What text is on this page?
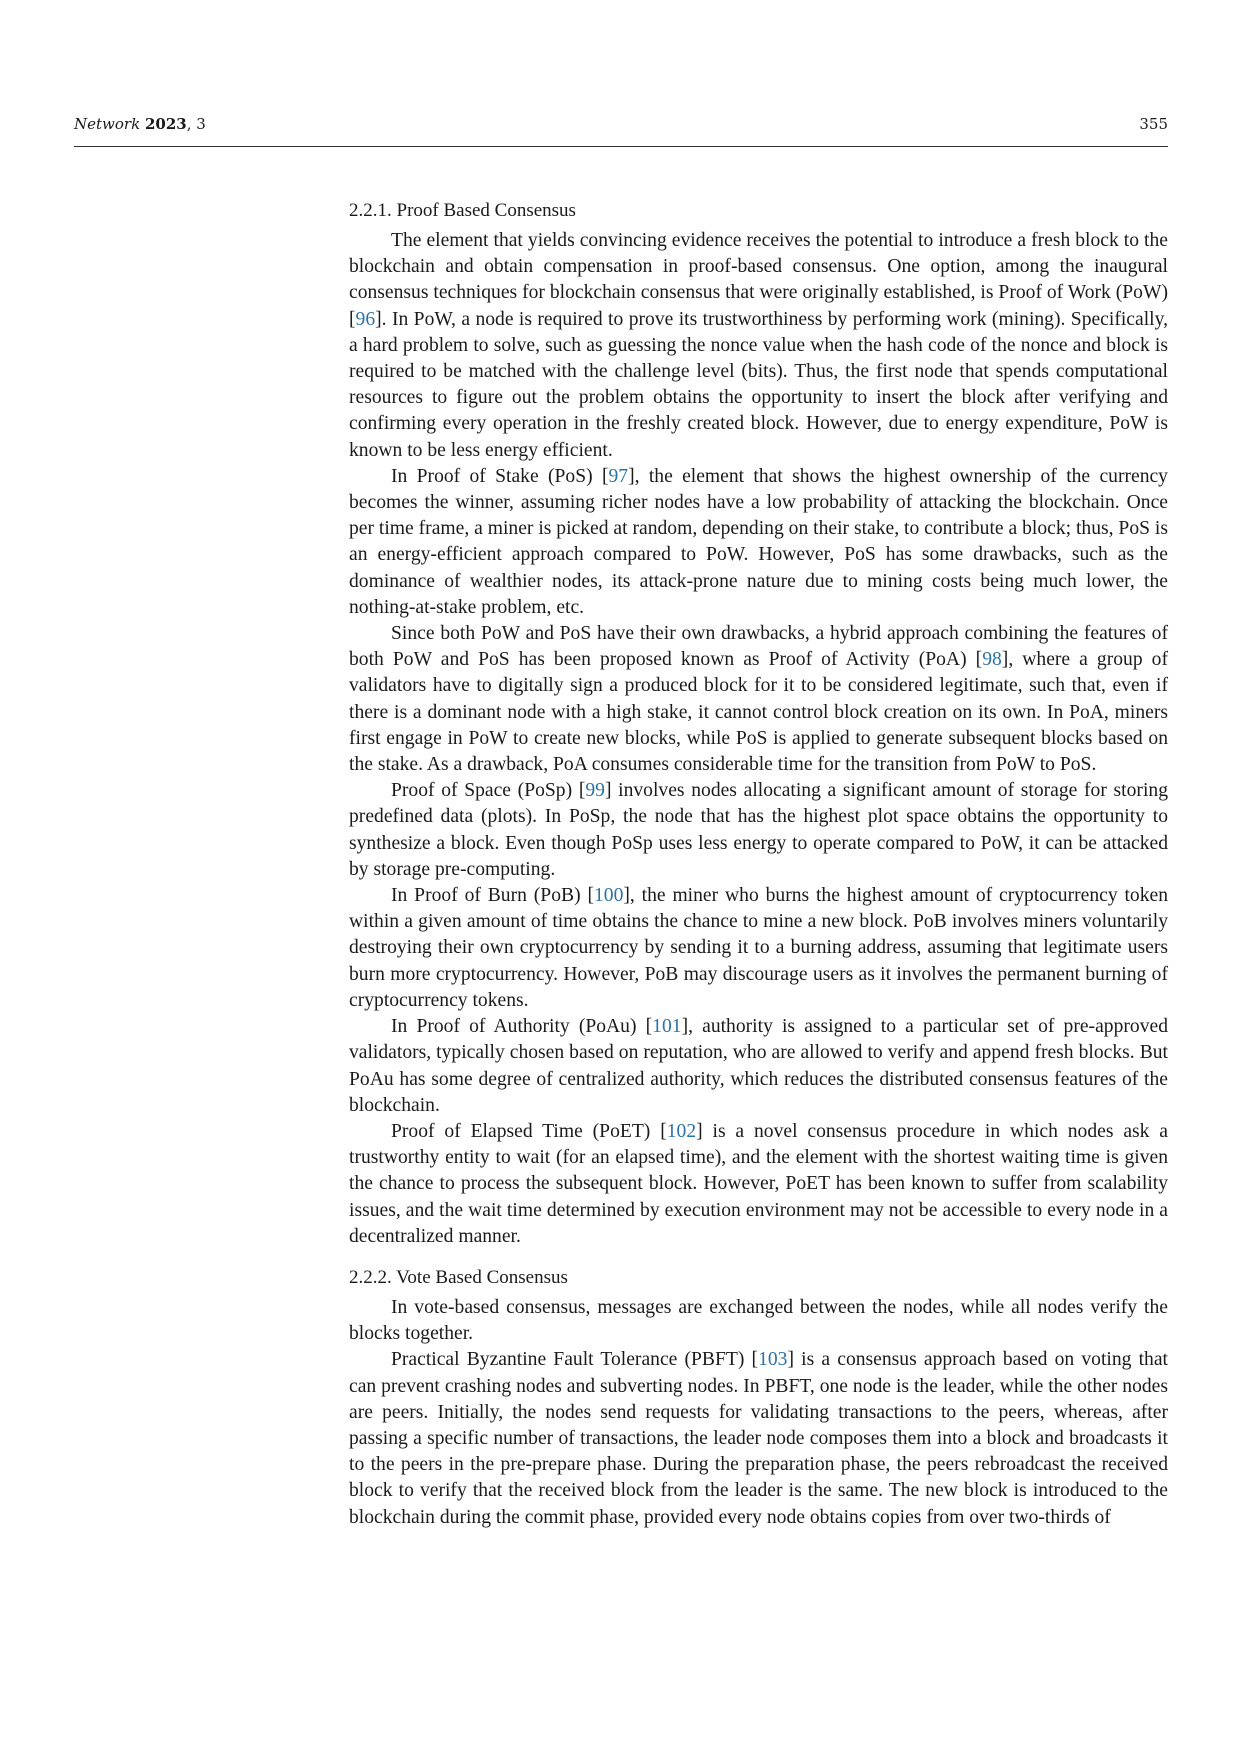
Network 2023, 3	355
2.2.1. Proof Based Consensus

The element that yields convincing evidence receives the potential to introduce a fresh block to the blockchain and obtain compensation in proof-based consensus. One option, among the inaugural consensus techniques for blockchain consensus that were originally established, is Proof of Work (PoW) [96]. In PoW, a node is required to prove its trustworthiness by performing work (mining). Specifically, a hard problem to solve, such as guessing the nonce value when the hash code of the nonce and block is required to be matched with the challenge level (bits). Thus, the first node that spends computational resources to figure out the problem obtains the opportunity to insert the block after verifying and confirming every operation in the freshly created block. However, due to energy expenditure, PoW is known to be less energy efficient.

In Proof of Stake (PoS) [97], the element that shows the highest ownership of the currency becomes the winner, assuming richer nodes have a low probability of attacking the blockchain. Once per time frame, a miner is picked at random, depending on their stake, to contribute a block; thus, PoS is an energy-efficient approach compared to PoW. However, PoS has some drawbacks, such as the dominance of wealthier nodes, its attack-prone nature due to mining costs being much lower, the nothing-at-stake problem, etc.

Since both PoW and PoS have their own drawbacks, a hybrid approach combining the features of both PoW and PoS has been proposed known as Proof of Activity (PoA) [98], where a group of validators have to digitally sign a produced block for it to be considered legitimate, such that, even if there is a dominant node with a high stake, it cannot control block creation on its own. In PoA, miners first engage in PoW to create new blocks, while PoS is applied to generate subsequent blocks based on the stake. As a drawback, PoA consumes considerable time for the transition from PoW to PoS.

Proof of Space (PoSp) [99] involves nodes allocating a significant amount of storage for storing predefined data (plots). In PoSp, the node that has the highest plot space obtains the opportunity to synthesize a block. Even though PoSp uses less energy to operate compared to PoW, it can be attacked by storage pre-computing.

In Proof of Burn (PoB) [100], the miner who burns the highest amount of cryptocurrency token within a given amount of time obtains the chance to mine a new block. PoB involves miners voluntarily destroying their own cryptocurrency by sending it to a burning address, assuming that legitimate users burn more cryptocurrency. However, PoB may discourage users as it involves the permanent burning of cryptocurrency tokens.

In Proof of Authority (PoAu) [101], authority is assigned to a particular set of pre-approved validators, typically chosen based on reputation, who are allowed to verify and append fresh blocks. But PoAu has some degree of centralized authority, which reduces the distributed consensus features of the blockchain.

Proof of Elapsed Time (PoET) [102] is a novel consensus procedure in which nodes ask a trustworthy entity to wait (for an elapsed time), and the element with the shortest waiting time is given the chance to process the subsequent block. However, PoET has been known to suffer from scalability issues, and the wait time determined by execution environment may not be accessible to every node in a decentralized manner.

2.2.2. Vote Based Consensus

In vote-based consensus, messages are exchanged between the nodes, while all nodes verify the blocks together.

Practical Byzantine Fault Tolerance (PBFT) [103] is a consensus approach based on voting that can prevent crashing nodes and subverting nodes. In PBFT, one node is the leader, while the other nodes are peers. Initially, the nodes send requests for validating transactions to the peers, whereas, after passing a specific number of transactions, the leader node composes them into a block and broadcasts it to the peers in the pre-prepare phase. During the preparation phase, the peers rebroadcast the received block to verify that the received block from the leader is the same. The new block is introduced to the blockchain during the commit phase, provided every node obtains copies from over two-thirds of
